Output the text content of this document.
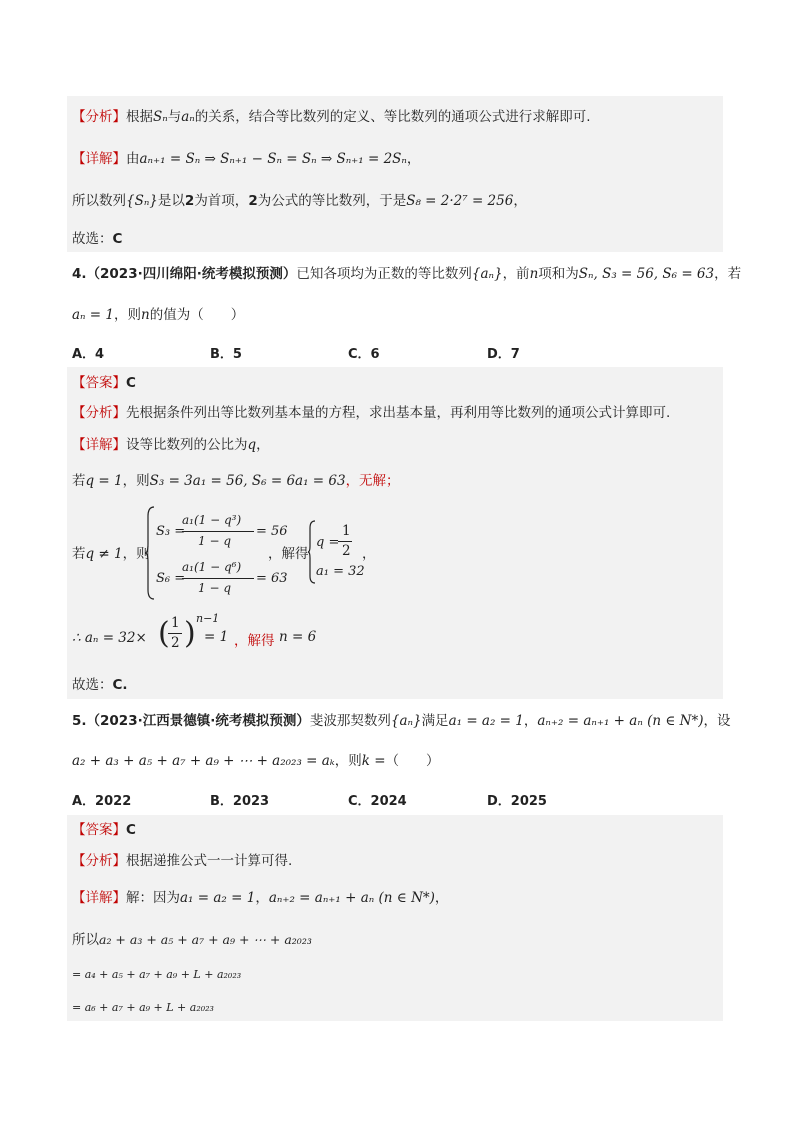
【分析】根据Sₙ与aₙ的关系，结合等比数列的定义、等比数列的通项公式进行求解即可.
【详解】由aₙ₊₁ = Sₙ ⇒ Sₙ₊₁ − Sₙ = Sₙ ⇒ Sₙ₊₁ = 2Sₙ，
所以数列{Sₙ}是以2为首项，2为公式的等比数列，于是S₈ = 2·2⁷ = 256，
故选：C
4.（2023·四川绵阳·统考模拟预测）已知各项均为正数的等比数列{aₙ}，前n项和为Sₙ, S₃ = 56, S₆ = 63，若
aₙ = 1，则n的值为（　　）
A．4	B．5	C．6	D．7
【答案】C
【分析】先根据条件列出等比数列基本量的方程，求出基本量，再利用等比数列的通项公式计算即可.
【详解】设等比数列的公比为q，
若q = 1，则S₃ = 3a₁ = 56, S₆ = 6a₁ = 63，无解；
若q ≠ 1，则
S₃ =
a₁(1 − q³)
1 − q
= 56
S₆ =
a₁(1 − q⁶)
1 − q
= 63
，解得
q =
1
2
a₁ = 32
，
∴ aₙ = 32× ( 1
2 ) n−1
= 1 ，解得 n = 6
故选：C.
5.（2023·江西景德镇·统考模拟预测）斐波那契数列{aₙ}满足a₁ = a₂ = 1，aₙ₊₂ = aₙ₊₁ + aₙ (n ∈ N*)，设
a₂ + a₃ + a₅ + a₇ + a₉ + ⋯ + a₂₀₂₃ = aₖ，则k =（　　）
A．2022	B．2023	C．2024	D．2025
【答案】C
【分析】根据递推公式一一计算可得.
【详解】解：因为a₁ = a₂ = 1，aₙ₊₂ = aₙ₊₁ + aₙ (n ∈ N*)，
所以a₂ + a₃ + a₅ + a₇ + a₉ + ⋯ + a₂₀₂₃
= a₄ + a₅ + a₇ + a₉ + L + a₂₀₂₃
= a₆ + a₇ + a₉ + L + a₂₀₂₃
